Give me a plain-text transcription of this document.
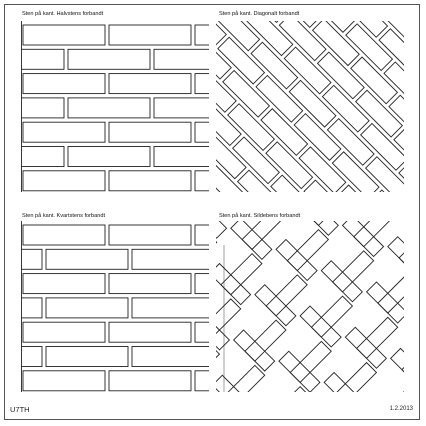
Sten på kant. Halvstens forbandt	Sten på kant. Diagonalt forbandt
Sten på kant. Kvartstens forbandt	Sten på kant. Sildebens forbandt
U7TH	1.2.2013
